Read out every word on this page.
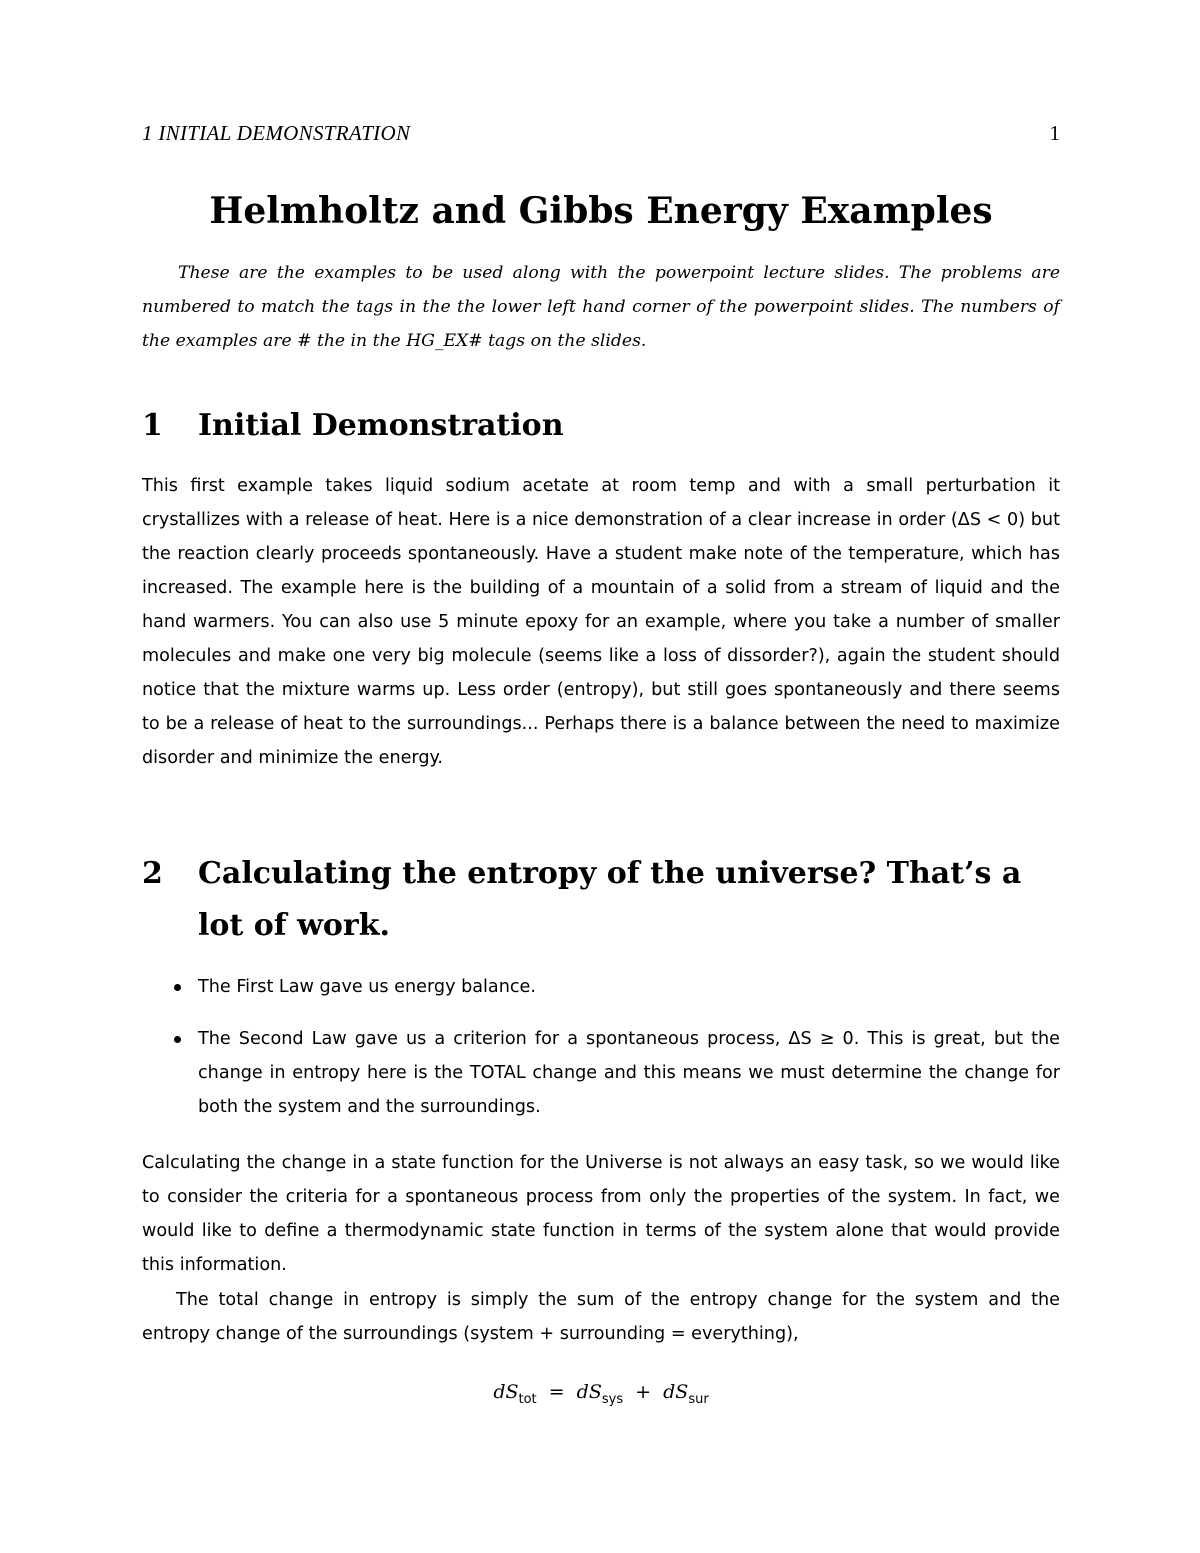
1 INITIAL DEMONSTRATION	1
Helmholtz and Gibbs Energy Examples

These are the examples to be used along with the powerpoint lecture slides. The problems are numbered to match the tags in the the lower left hand corner of the powerpoint slides. The numbers of the examples are # the in the HG_EX# tags on the slides.

1 Initial Demonstration

This first example takes liquid sodium acetate at room temp and with a small perturbation it crystallizes with a release of heat. Here is a nice demonstration of a clear increase in order (ΔS < 0) but the reaction clearly proceeds spontaneously. Have a student make note of the temperature, which has increased. The example here is the building of a mountain of a solid from a stream of liquid and the hand warmers. You can also use 5 minute epoxy for an example, where you take a number of smaller molecules and make one very big molecule (seems like a loss of dissorder?), again the student should notice that the mixture warms up. Less order (entropy), but still goes spontaneously and there seems to be a release of heat to the surroundings... Perhaps there is a balance between the need to maximize disorder and minimize the energy.

2 Calculating the entropy of the universe? That’s a lot of work.
The First Law gave us energy balance.
The Second Law gave us a criterion for a spontaneous process, ΔS ≥ 0. This is great, but the change in entropy here is the TOTAL change and this means we must determine the change for both the system and the surroundings.

Calculating the change in a state function for the Universe is not always an easy task, so we would like to consider the criteria for a spontaneous process from only the properties of the system. In fact, we would like to define a thermodynamic state function in terms of the system alone that would provide this information.

The total change in entropy is simply the sum of the entropy change for the system and the entropy change of the surroundings (system + surrounding = everything),

$dS_{tot} = dS_{sys} + dS_{sur}$
